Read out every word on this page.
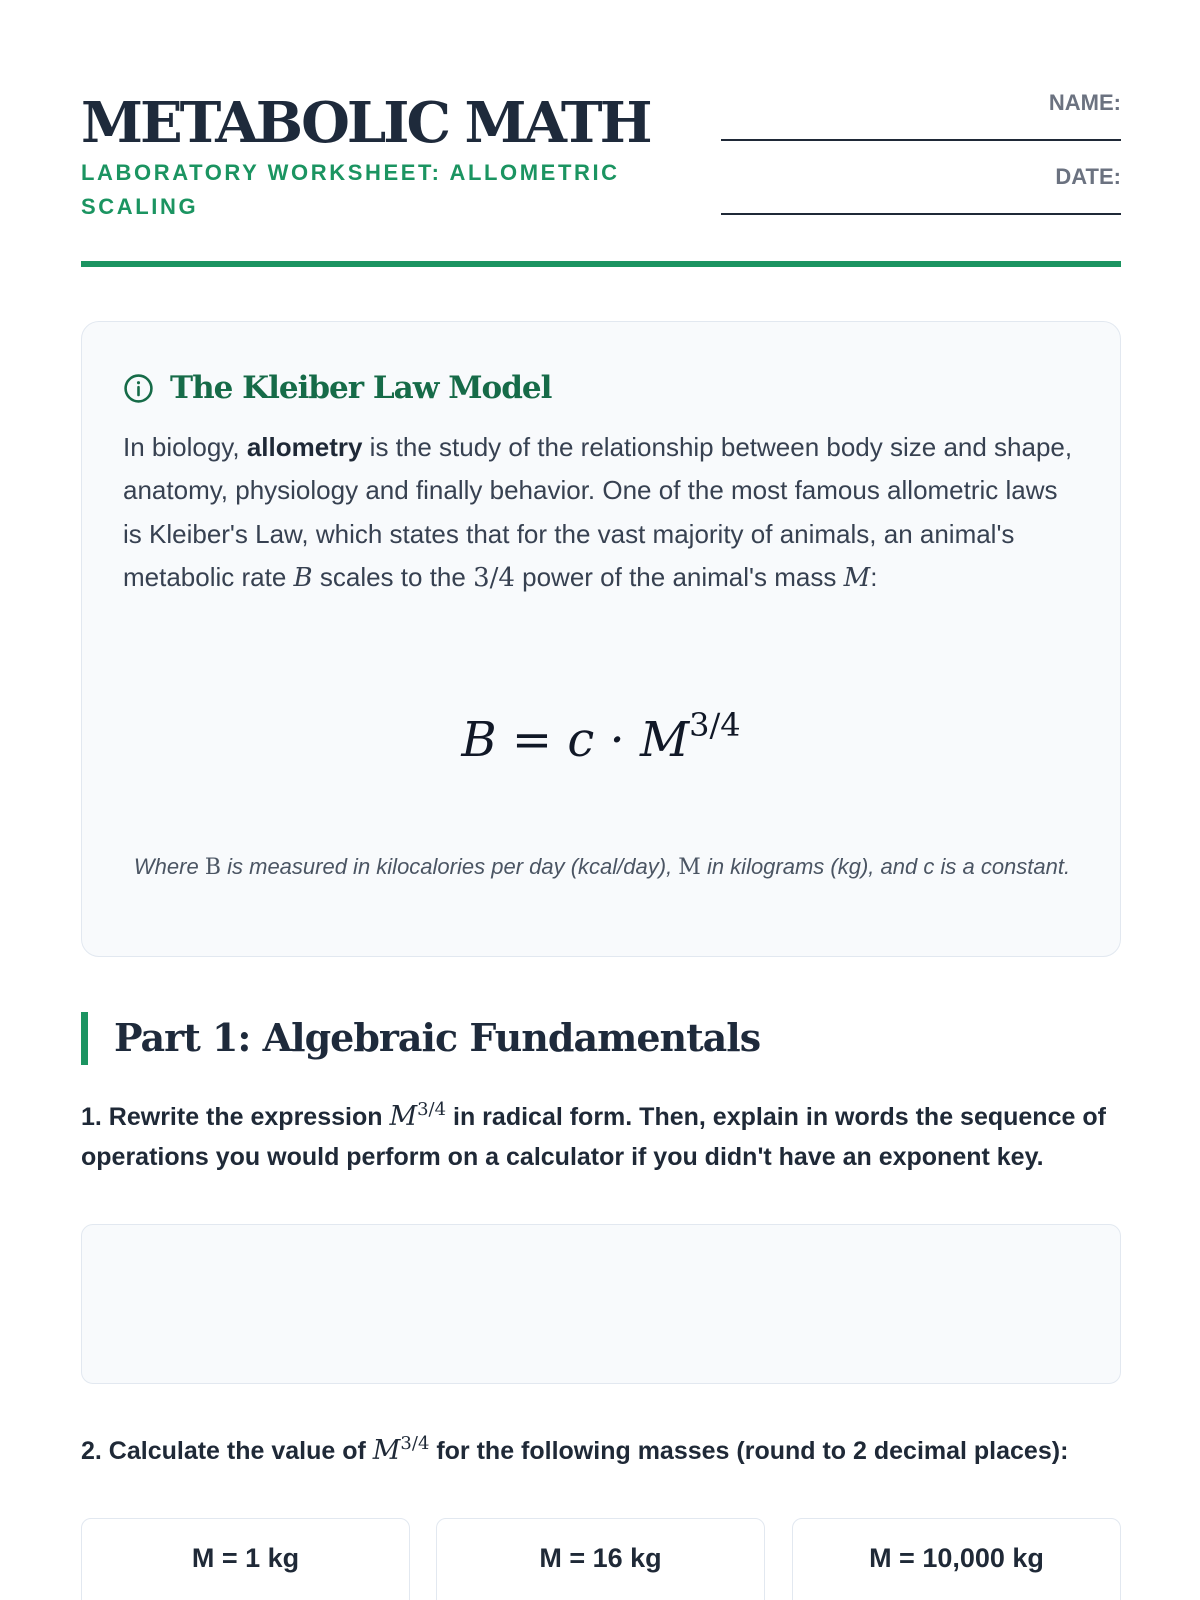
METABOLIC MATH
LABORATORY WORKSHEET: ALLOMETRIC SCALING
NAME:
DATE:
The Kleiber Law Model
In biology, allometry is the study of the relationship between body size and shape, anatomy, physiology and finally behavior. One of the most famous allometric laws is Kleiber's Law, which states that for the vast majority of animals, an animal's metabolic rate B scales to the 3/4 power of the animal's mass M:
$B = c \cdot M^{3/4}$
Where B is measured in kilocalories per day (kcal/day), M in kilograms (kg), and c is a constant.
Part 1: Algebraic Fundamentals
1. Rewrite the expression $M^{3/4}$ in radical form. Then, explain in words the sequence of operations you would perform on a calculator if you didn't have an exponent key.
2. Calculate the value of $M^{3/4}$ for the following masses (round to 2 decimal places):
M = 1 kg	M = 16 kg	M = 10,000 kg
